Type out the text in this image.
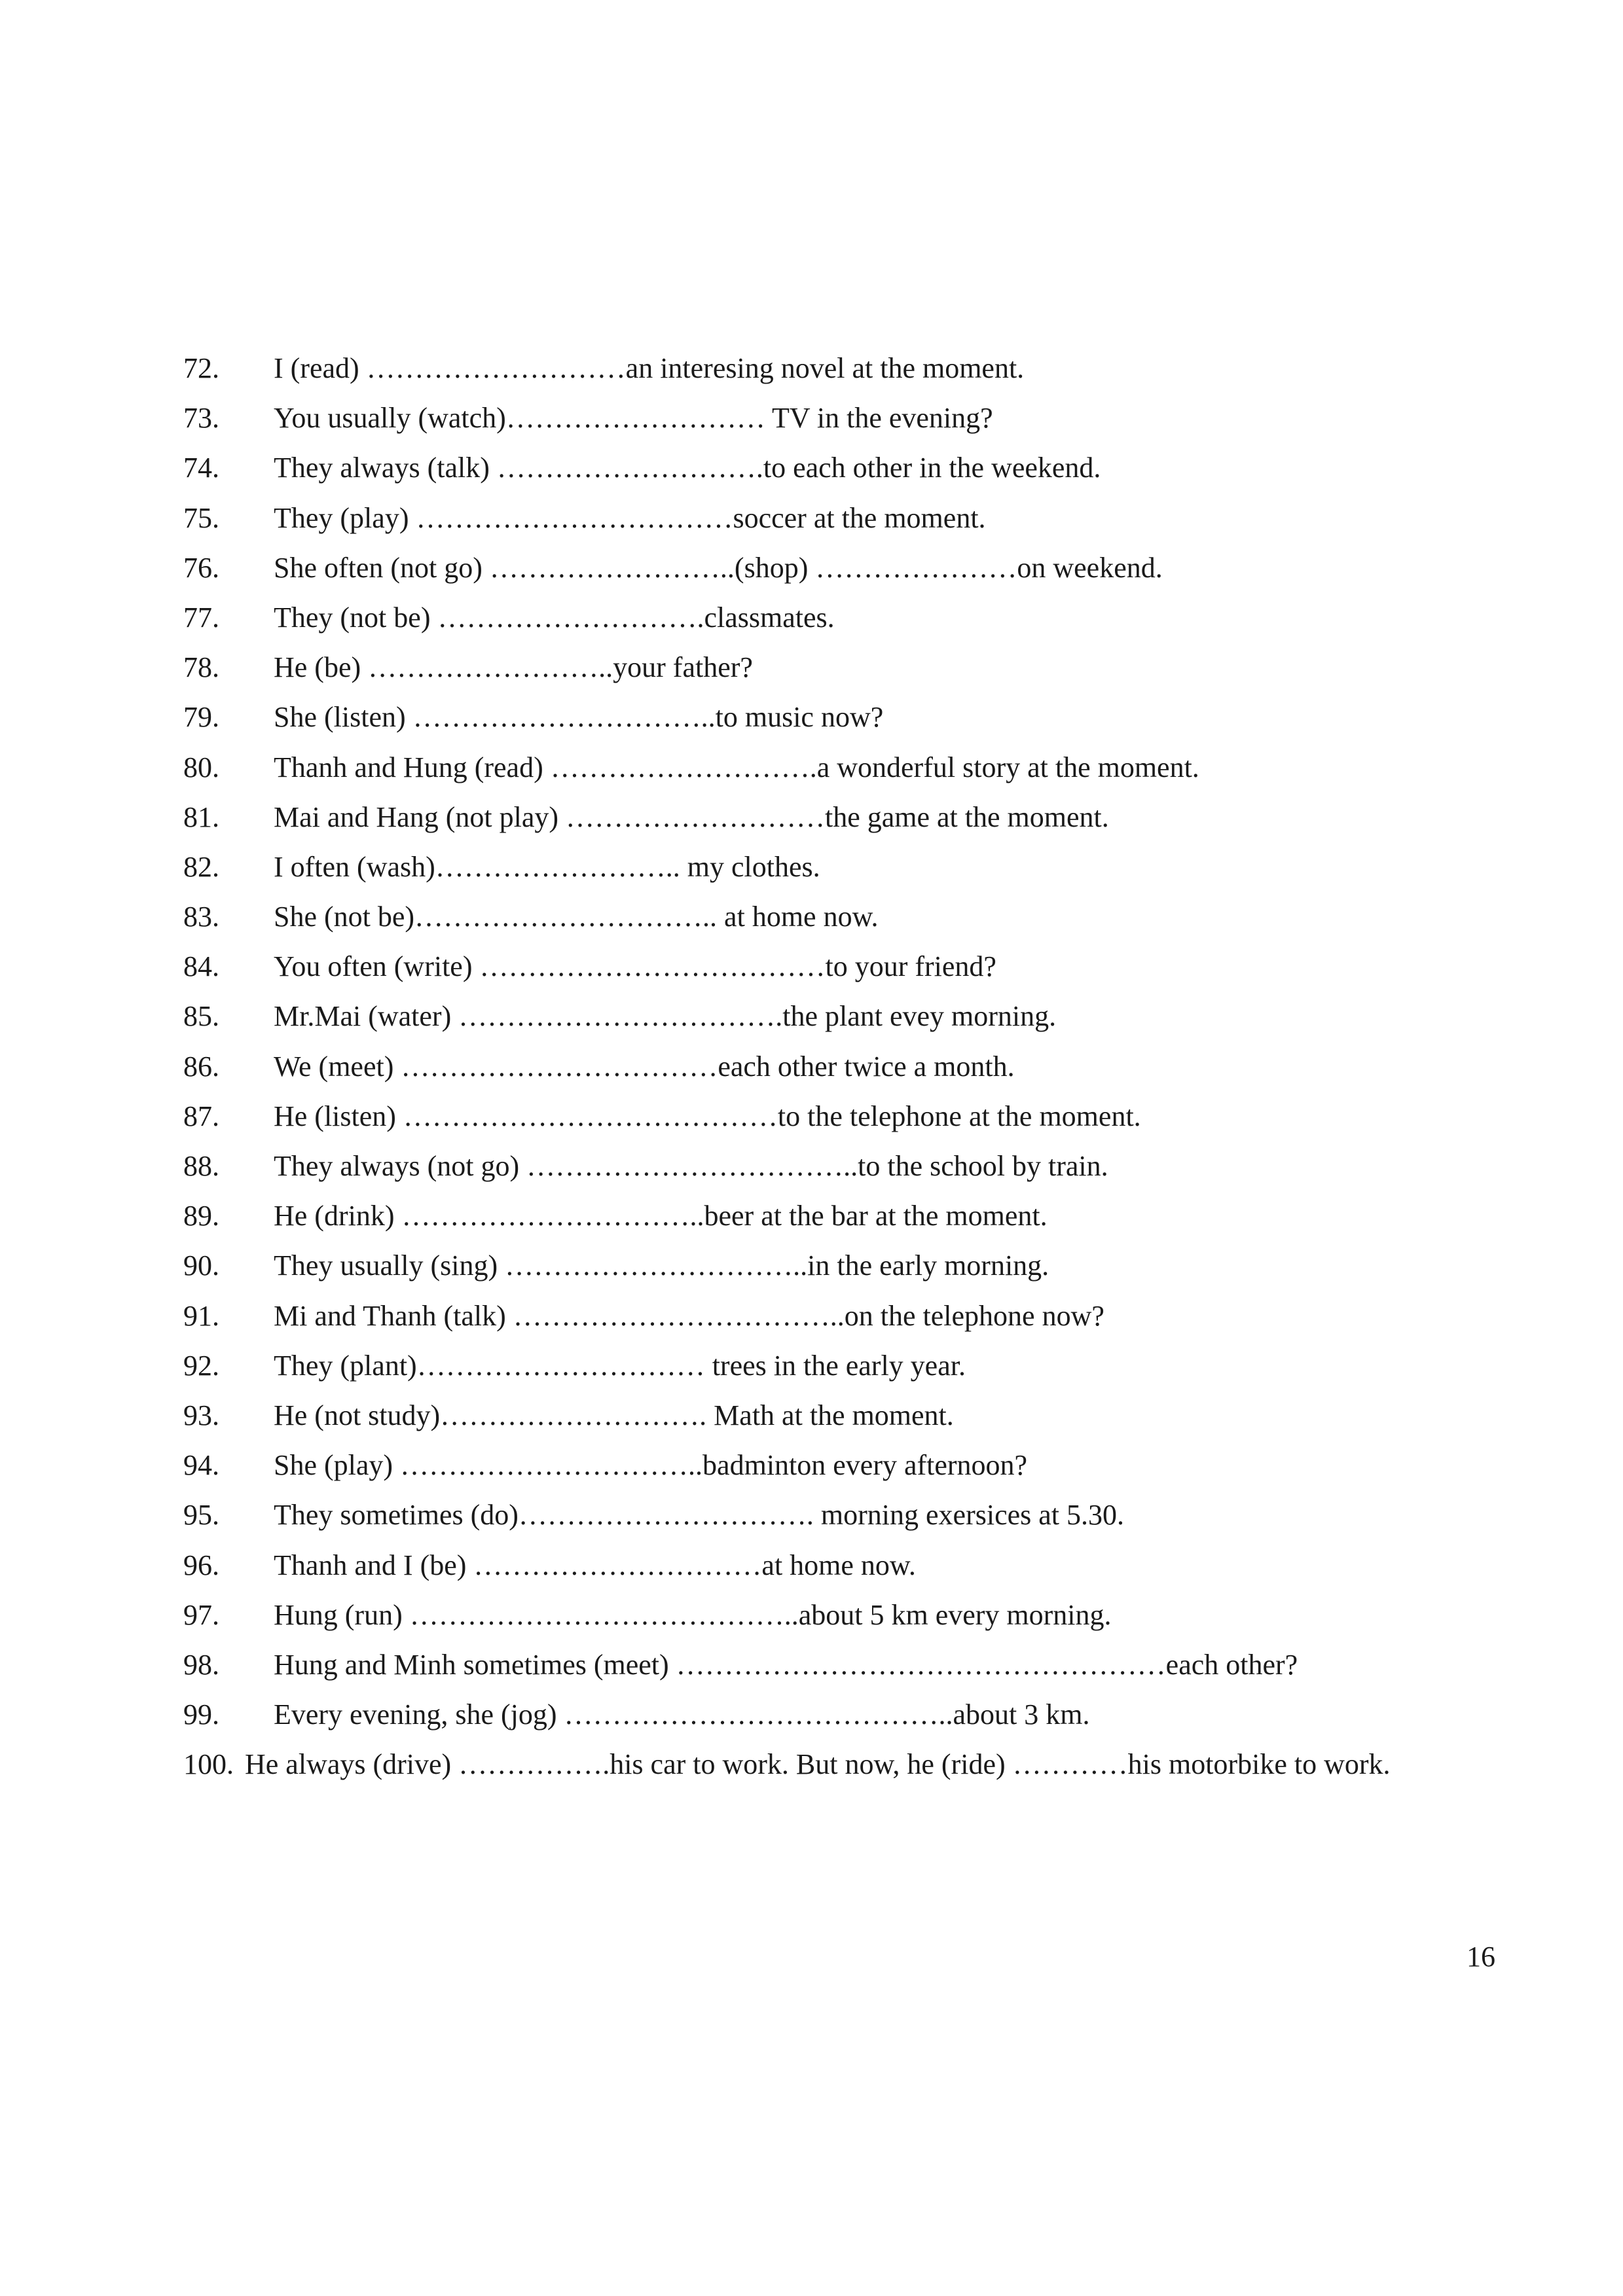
72. I (read) ………………………an interesing novel at the moment.
73. You usually (watch)……………………… TV in the evening?
74. They always (talk) ……………………….to each other in the weekend.
75. They (play) ……………………………soccer at the moment.
76. She often (not go) ……………………..(shop) …………………on weekend.
77. They (not be) ……………………….classmates.
78. He (be) ……………………..your father?
79. She (listen) …………………………..to music now?
80. Thanh and Hung (read) ……………………….a wonderful story at the moment.
81. Mai and Hang (not play) ………………………the game at the moment.
82. I often (wash)…………………….. my clothes.
83. She (not be)………………………….. at home now.
84. You often (write) ………………………………to your friend?
85. Mr.Mai (water) …………………………….the plant evey morning.
86. We (meet) ……………………………each other twice a month.
87. He (listen) …………………………………to the telephone at the moment.
88. They always (not go) ……………………………..to the school by train.
89. He (drink) …………………………..beer at the bar at the moment.
90. They usually (sing) …………………………..in the early morning.
91. Mi and Thanh (talk) ……………………………..on the telephone now?
92. They (plant)………………………… trees in the early year.
93. He (not study)………………………. Math at the moment.
94. She (play) …………………………..badminton every afternoon?
95. They sometimes (do)…………………………. morning exersices at 5.30.
96. Thanh and I (be) …………………………at home now.
97. Hung (run) …………………………………..about 5 km every morning.
98. Hung and Minh sometimes (meet) ……………………………………………each other?
99. Every evening, she (jog) …………………………………..about 3 km.
100. He always (drive) …………….his car to work. But now, he (ride) …………his motorbike to work.
16
